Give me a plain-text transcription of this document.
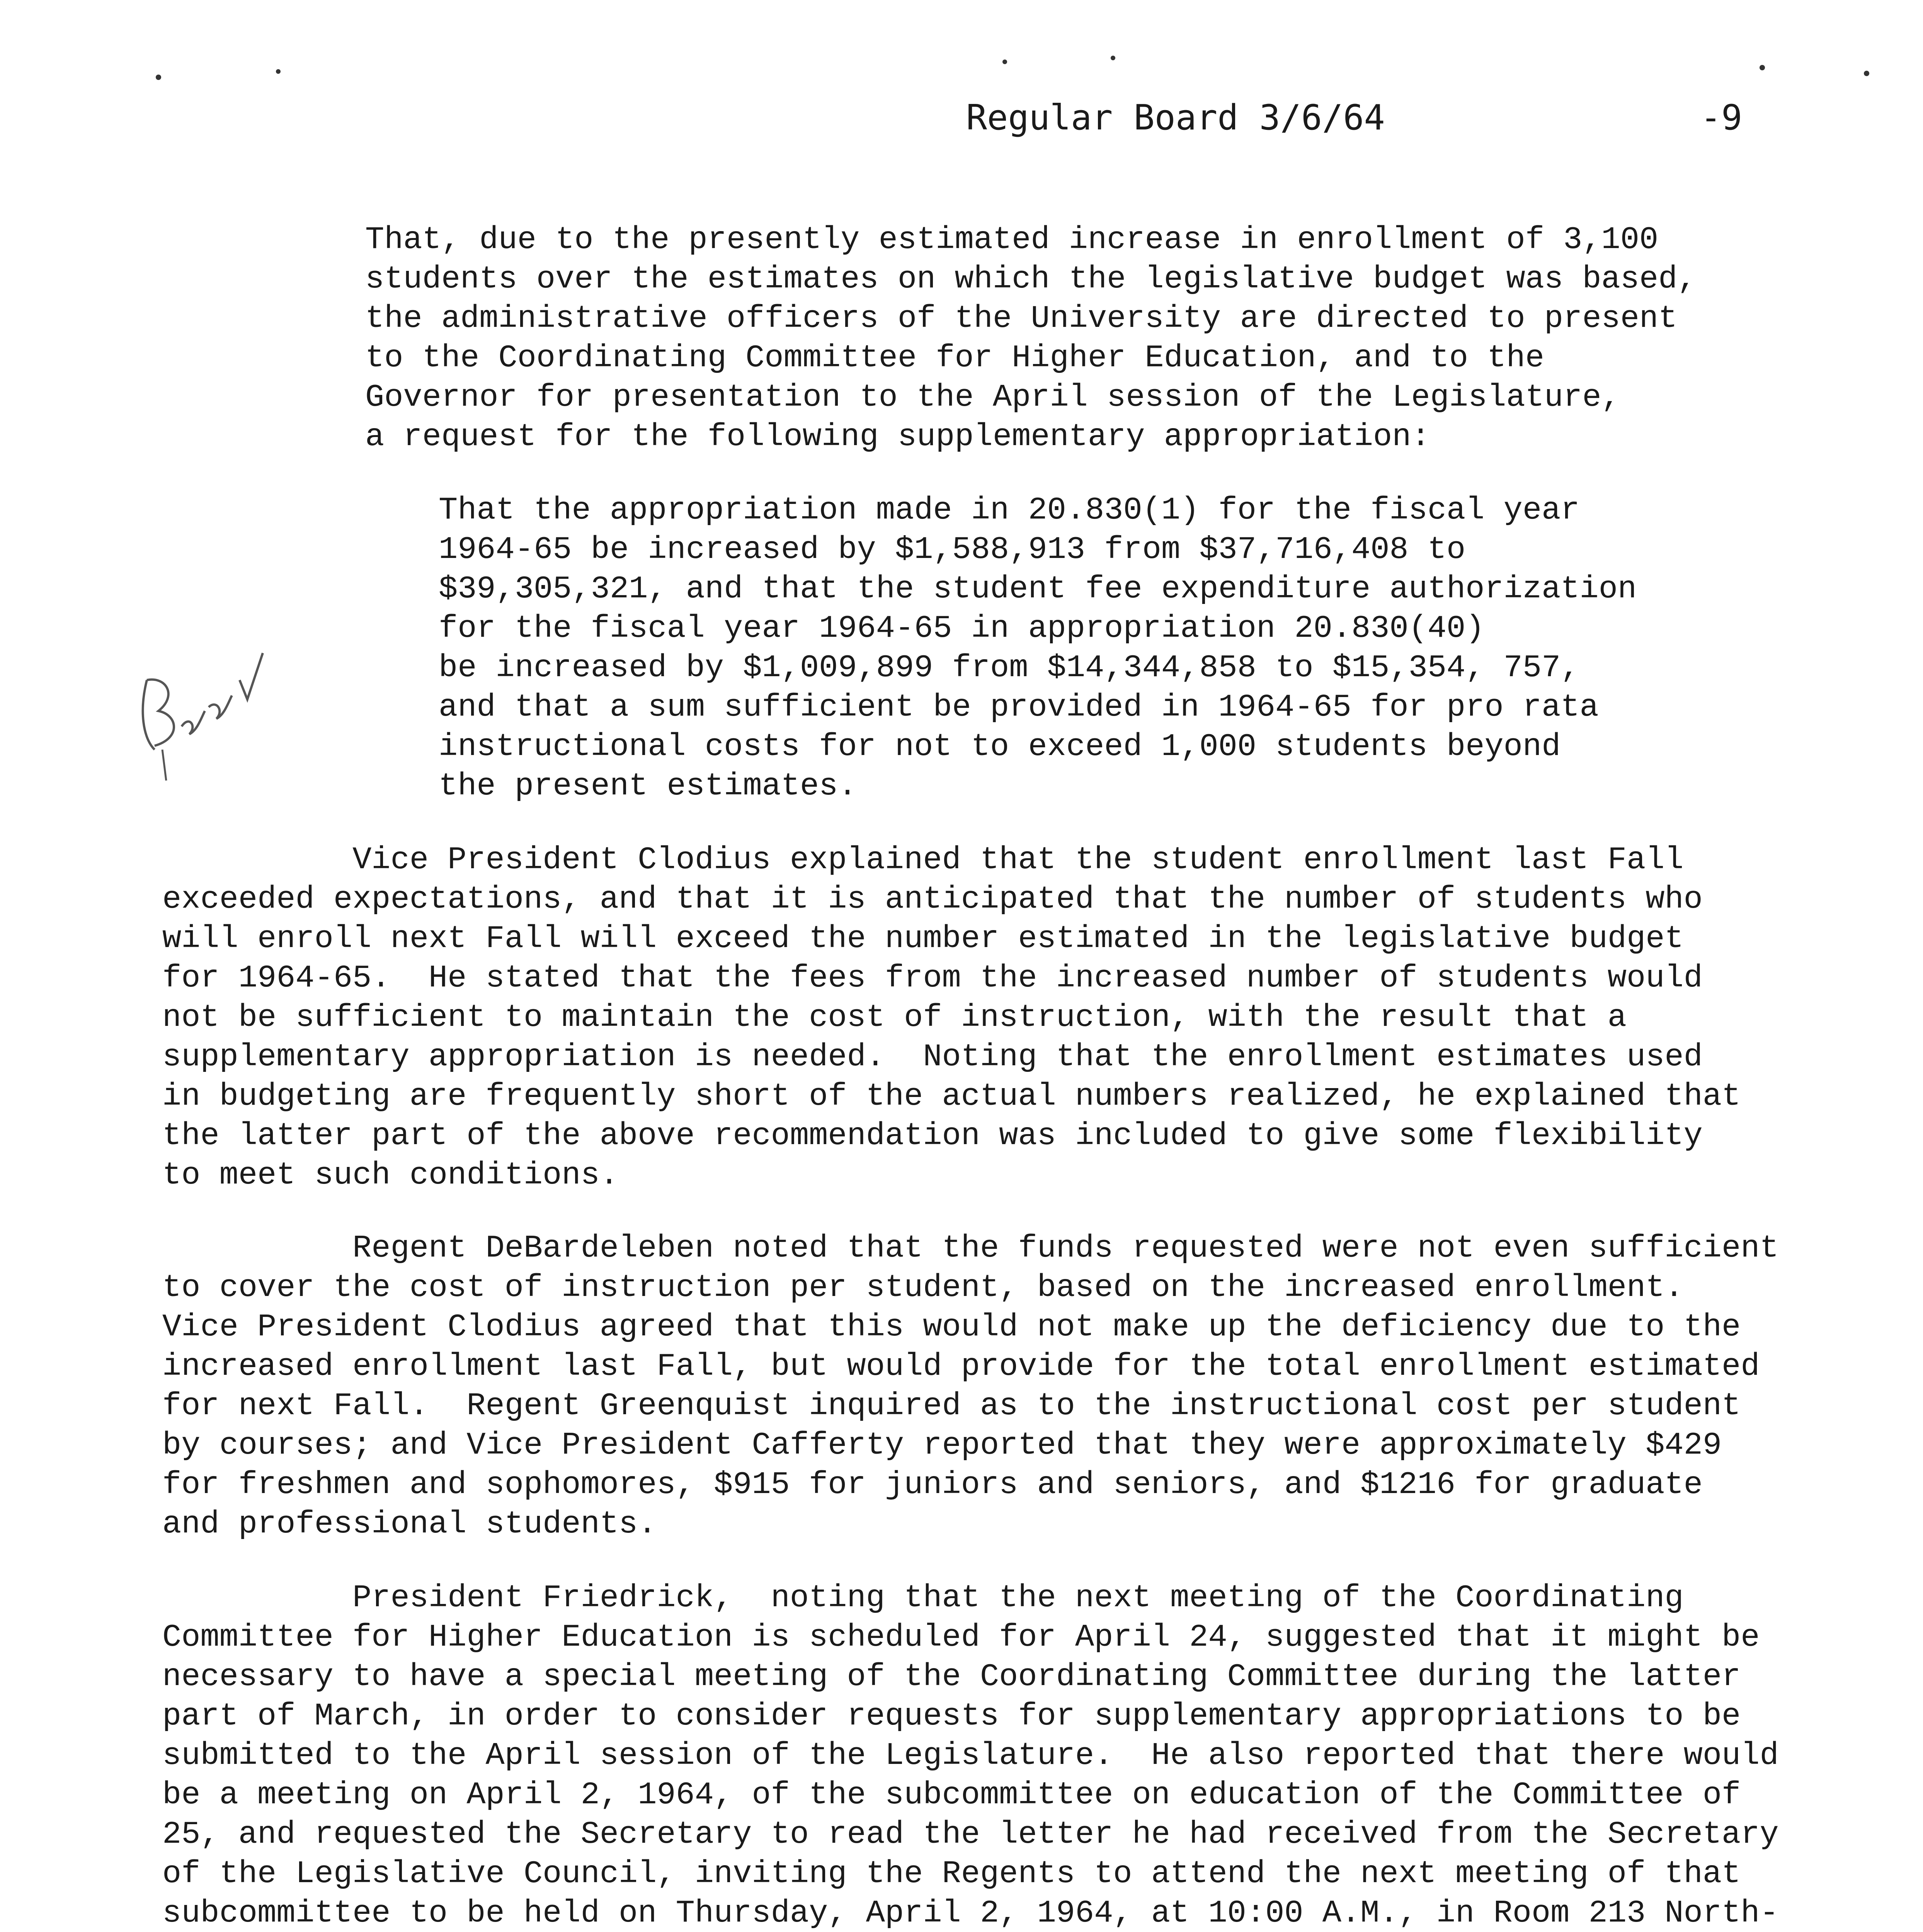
Regular Board 3/6/64	-9
That, due to the presently estimated increase in enrollment of 3,100
students over the estimates on which the legislative budget was based,
the administrative officers of the University are directed to present
to the Coordinating Committee for Higher Education, and to the
Governor for presentation to the April session of the Legislature,
a request for the following supplementary appropriation:
That the appropriation made in 20.830(1) for the fiscal year
1964-65 be increased by $1,588,913 from $37,716,408 to
$39,305,321, and that the student fee expenditure authorization
for the fiscal year 1964-65 in appropriation 20.830(40)
be increased by $1,009,899 from $14,344,858 to $15,354, 757,
and that a sum sufficient be provided in 1964-65 for pro rata
instructional costs for not to exceed 1,000 students beyond
the present estimates.
Vice President Clodius explained that the student enrollment last Fall
exceeded expectations, and that it is anticipated that the number of students who
will enroll next Fall will exceed the number estimated in the legislative budget
for 1964-65.  He stated that the fees from the increased number of students would
not be sufficient to maintain the cost of instruction, with the result that a
supplementary appropriation is needed.  Noting that the enrollment estimates used
in budgeting are frequently short of the actual numbers realized, he explained that
the latter part of the above recommendation was included to give some flexibility
to meet such conditions.
Regent DeBardeleben noted that the funds requested were not even sufficient
to cover the cost of instruction per student, based on the increased enrollment.
Vice President Clodius agreed that this would not make up the deficiency due to the
increased enrollment last Fall, but would provide for the total enrollment estimated
for next Fall.  Regent Greenquist inquired as to the instructional cost per student
by courses; and Vice President Cafferty reported that they were approximately $429
for freshmen and sophomores, $915 for juniors and seniors, and $1216 for graduate
and professional students.
President Friedrick,  noting that the next meeting of the Coordinating
Committee for Higher Education is scheduled for April 24, suggested that it might be
necessary to have a special meeting of the Coordinating Committee during the latter
part of March, in order to consider requests for supplementary appropriations to be
submitted to the April session of the Legislature.  He also reported that there would
be a meeting on April 2, 1964, of the subcommittee on education of the Committee of
25, and requested the Secretary to read the letter he had received from the Secretary
of the Legislative Council, inviting the Regents to attend the next meeting of that
subcommittee to be held on Thursday, April 2, 1964, at 10:00 A.M., in Room 213 North-
